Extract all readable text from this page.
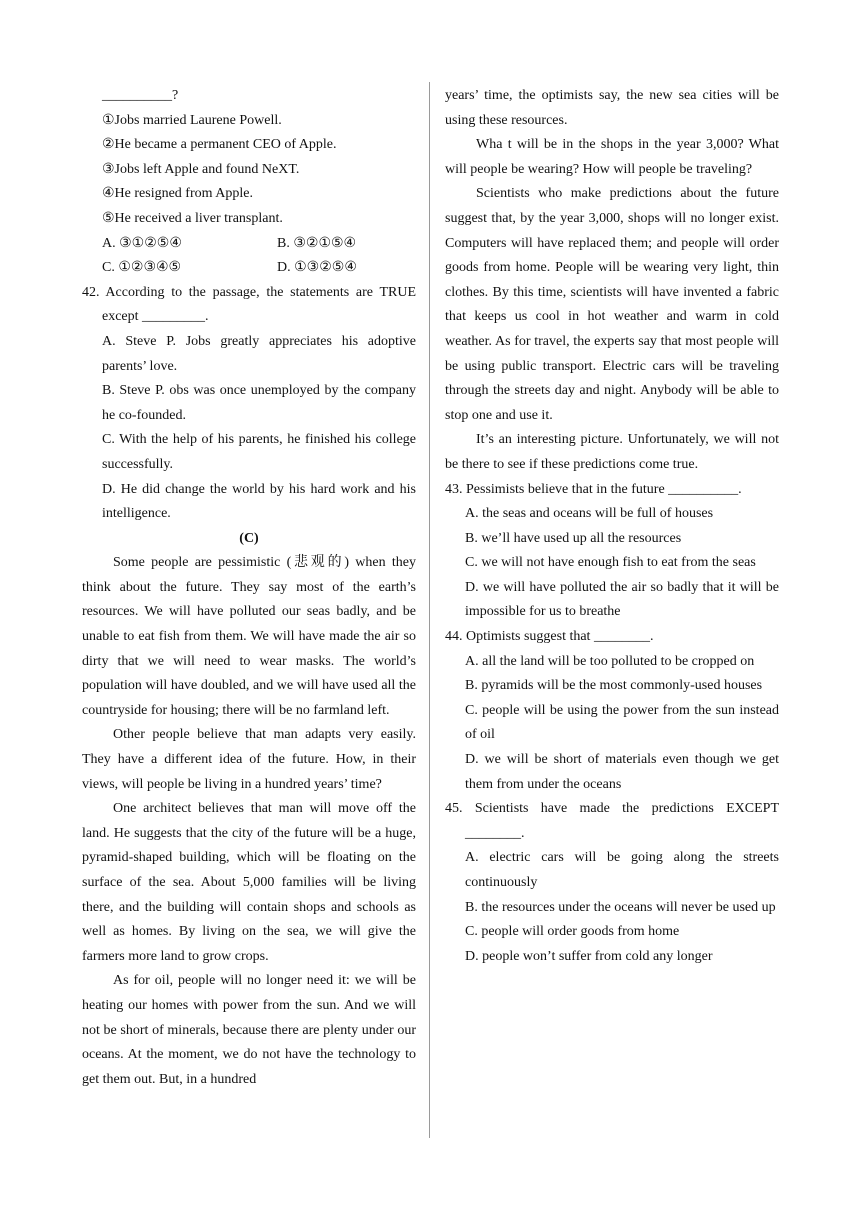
__________?

①Jobs married Laurene Powell.

②He became a permanent CEO of Apple.

③Jobs left Apple and found NeXT.

④He resigned from Apple.

⑤He received a liver transplant.

A. ③①②⑤④	B. ③②①⑤④
C. ①②③④⑤	D. ①③②⑤④

42. According to the passage, the statements are TRUE except _________.

A. Steve P. Jobs greatly appreciates his adoptive parents’ love.

B. Steve P. obs was once unemployed by the company he co-founded.

C. With the help of his parents, he finished his college successfully.

D. He did change the world by his hard work and his intelligence.

(C)

Some people are pessimistic (悲观的) when they think about the future. They say most of the earth’s resources. We will have polluted our seas badly, and be unable to eat fish from them. We will have made the air so dirty that we will need to wear masks. The world’s population will have doubled, and we will have used all the countryside for housing; there will be no farmland left.

Other people believe that man adapts very easily. They have a different idea of the future. How, in their views, will people be living in a hundred years’ time?

One architect believes that man will move off the land. He suggests that the city of the future will be a huge, pyramid-shaped building, which will be floating on the surface of the sea. About 5,000 families will be living there, and the building will contain shops and schools as well as homes. By living on the sea, we will give the farmers more land to grow crops.

As for oil, people will no longer need it: we will be heating our homes with power from the sun. And we will not be short of minerals, because there are plenty under our oceans. At the moment, we do not have the technology to get them out. But, in a hundred

years’ time, the optimists say, the new sea cities will be using these resources.

Wha t will be in the shops in the year 3,000? What will people be wearing? How will people be traveling?

Scientists who make predictions about the future suggest that, by the year 3,000, shops will no longer exist. Computers will have replaced them; and people will order goods from home. People will be wearing very light, thin clothes. By this time, scientists will have invented a fabric that keeps us cool in hot weather and warm in cold weather. As for travel, the experts say that most people will be using public transport. Electric cars will be traveling through the streets day and night. Anybody will be able to stop one and use it.

It’s an interesting picture. Unfortunately, we will not be there to see if these predictions come true.

43. Pessimists believe that in the future __________.

A. the seas and oceans will be full of houses

B. we’ll have used up all the resources

C. we will not have enough fish to eat from the seas

D. we will have polluted the air so badly that it will be impossible for us to breathe

44. Optimists suggest that ________.

A. all the land will be too polluted to be cropped on

B. pyramids will be the most commonly-used houses

C. people will be using the power from the sun instead of oil

D. we will be short of materials even though we get them from under the oceans

45. Scientists have made the predictions EXCEPT ________.

A. electric cars will be going along the streets continuously

B. the resources under the oceans will never be used up

C. people will order goods from home

D. people won’t suffer from cold any longer
